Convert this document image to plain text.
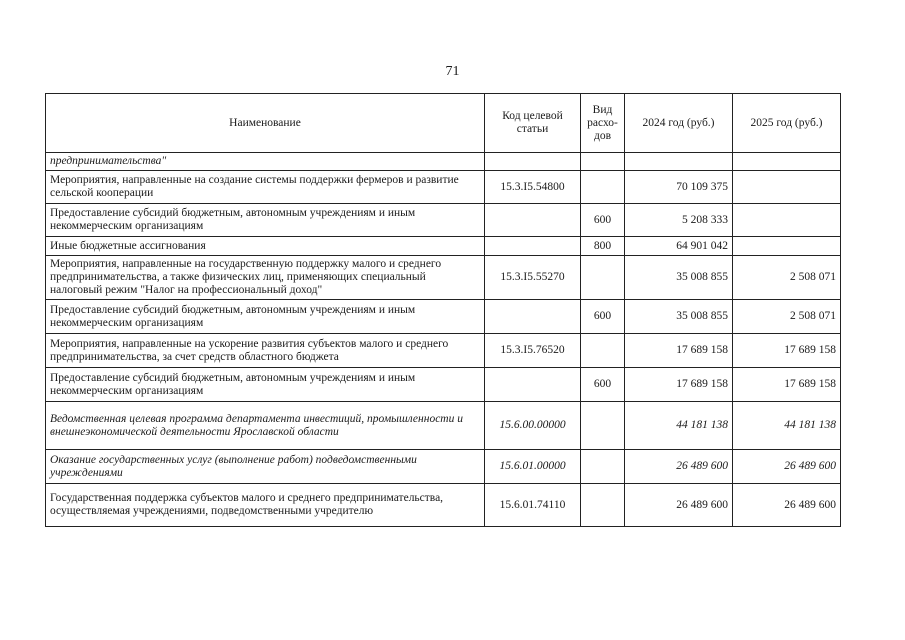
71
Наименование	Код целевой статьи	Вид расхо-дов	2024 год (руб.)	2025 год (руб.)
предпринимательства"				
Мероприятия, направленные на создание системы поддержки фермеров и развитие сельской кооперации	15.3.I5.54800		70 109 375	
Предоставление субсидий бюджетным, автономным учреждениям и иным некоммерческим организациям		600	5 208 333	
Иные бюджетные ассигнования		800	64 901 042	
Мероприятия, направленные на государственную поддержку малого и среднего предпринимательства, а также физических лиц, применяющих специальный налоговый режим "Налог на профессиональный доход"	15.3.I5.55270		35 008 855	2 508 071
Предоставление субсидий бюджетным, автономным учреждениям и иным некоммерческим организациям		600	35 008 855	2 508 071
Мероприятия, направленные на ускорение развития субъектов малого и среднего предпринимательства, за счет средств областного бюджета	15.3.I5.76520		17 689 158	17 689 158
Предоставление субсидий бюджетным, автономным учреждениям и иным некоммерческим организациям		600	17 689 158	17 689 158
Ведомственная целевая программа департамента инвестиций, промышленности и внешнеэкономической деятельности Ярославской области	15.6.00.00000		44 181 138	44 181 138
Оказание государственных услуг (выполнение работ) подведомственными учреждениями	15.6.01.00000		26 489 600	26 489 600
Государственная поддержка субъектов малого и среднего предпринимательства, осуществляемая учреждениями, подведомственными учредителю	15.6.01.74110		26 489 600	26 489 600
